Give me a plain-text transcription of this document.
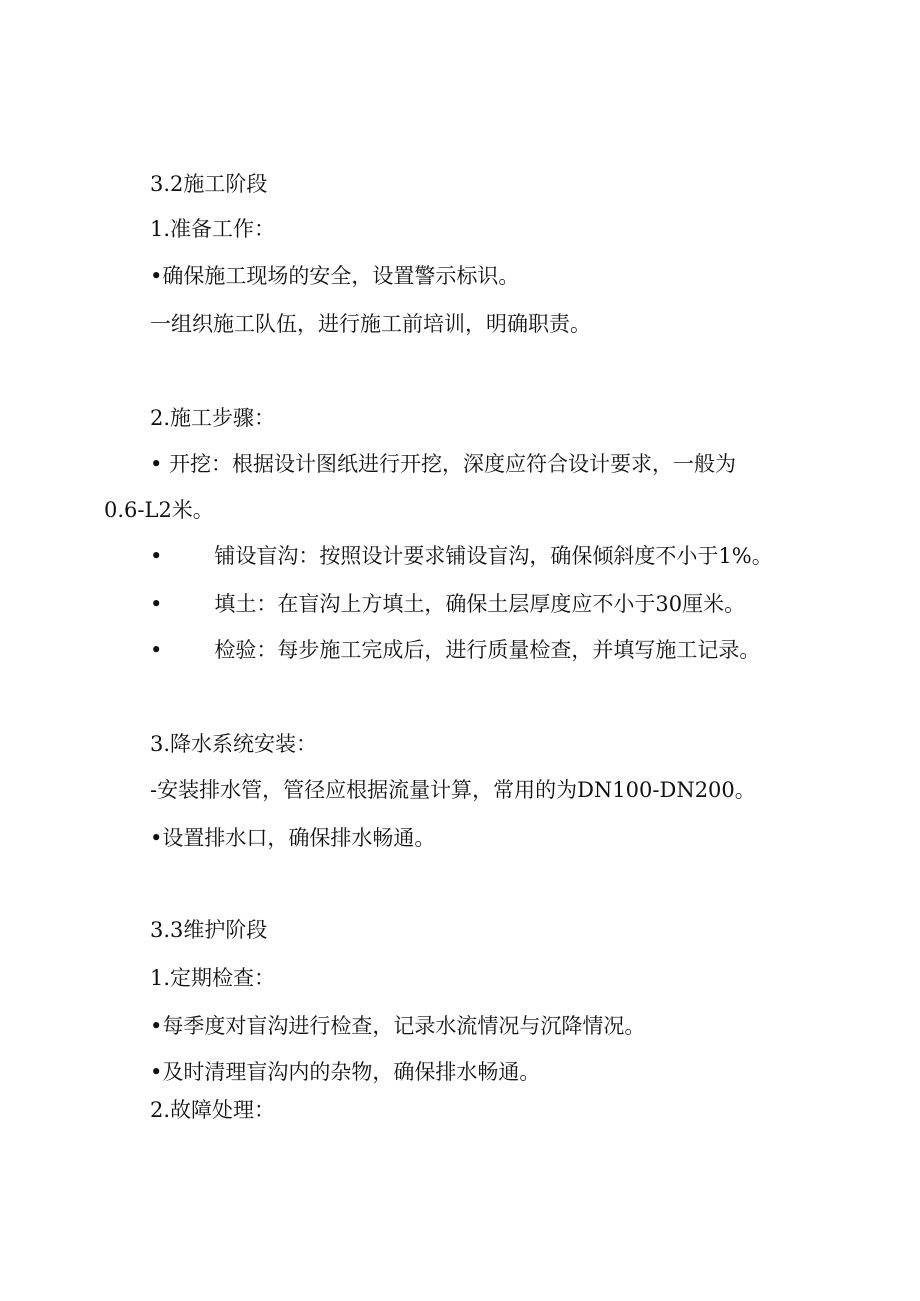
3.2施工阶段
1.准备工作：
•确保施工现场的安全，设置警示标识。
一组织施工队伍，进行施工前培训，明确职责。
2.施工步骤：
• 开挖：根据设计图纸进行开挖，深度应符合设计要求，一般为
0.6-L2米。
• 铺设盲沟：按照设计要求铺设盲沟，确保倾斜度不小于1%。
• 填土：在盲沟上方填土，确保土层厚度应不小于30厘米。
• 检验：每步施工完成后，进行质量检查，并填写施工记录。
3.降水系统安装：
-安装排水管，管径应根据流量计算，常用的为DN100-DN200。
•设置排水口，确保排水畅通。
3.3维护阶段
1.定期检查：
•每季度对盲沟进行检查，记录水流情况与沉降情况。
•及时清理盲沟内的杂物，确保排水畅通。
2.故障处理：
